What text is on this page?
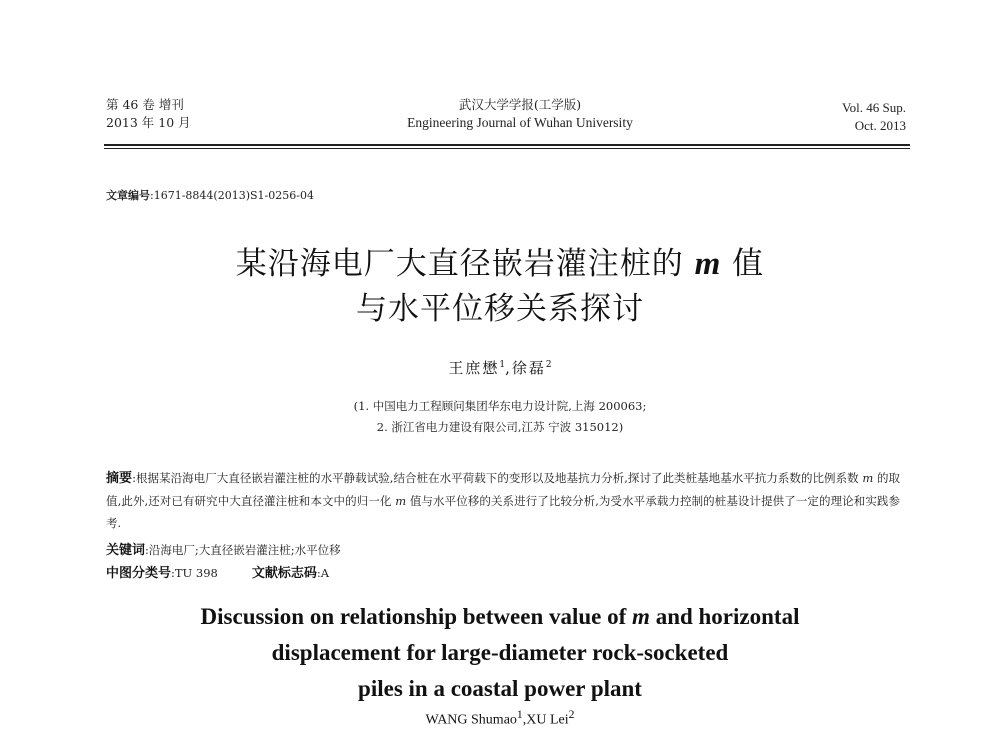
第 46 卷 增刊
2013 年 10 月
武汉大学学报(工学版)
Engineering Journal of Wuhan University
Vol. 46 Sup.
Oct. 2013
文章编号:1671-8844(2013)S1-0256-04
某沿海电厂大直径嵌岩灌注桩的 m 值
与水平位移关系探讨
王庶懋$^1$,徐磊$^2$
(1. 中国电力工程顾问集团华东电力设计院,上海 200063;
2. 浙江省电力建设有限公司,江苏 宁波 315012)
摘要:根据某沿海电厂大直径嵌岩灌注桩的水平静载试验,结合桩在水平荷载下的变形以及地基抗力分析,探讨了此类桩基地基水平抗力系数的比例系数 m 的取值,此外,还对已有研究中大直径灌注桩和本文中的归一化 m 值与水平位移的关系进行了比较分析,为受水平承载力控制的桩基设计提供了一定的理论和实践参考.
关键词:沿海电厂;大直径嵌岩灌注桩;水平位移
中图分类号:TU 398	文献标志码:A
Discussion on relationship between value of m and horizontal
displacement for large-diameter rock-socketed
piles in a coastal power plant
WANG Shumao$^1$,XU Lei$^2$
